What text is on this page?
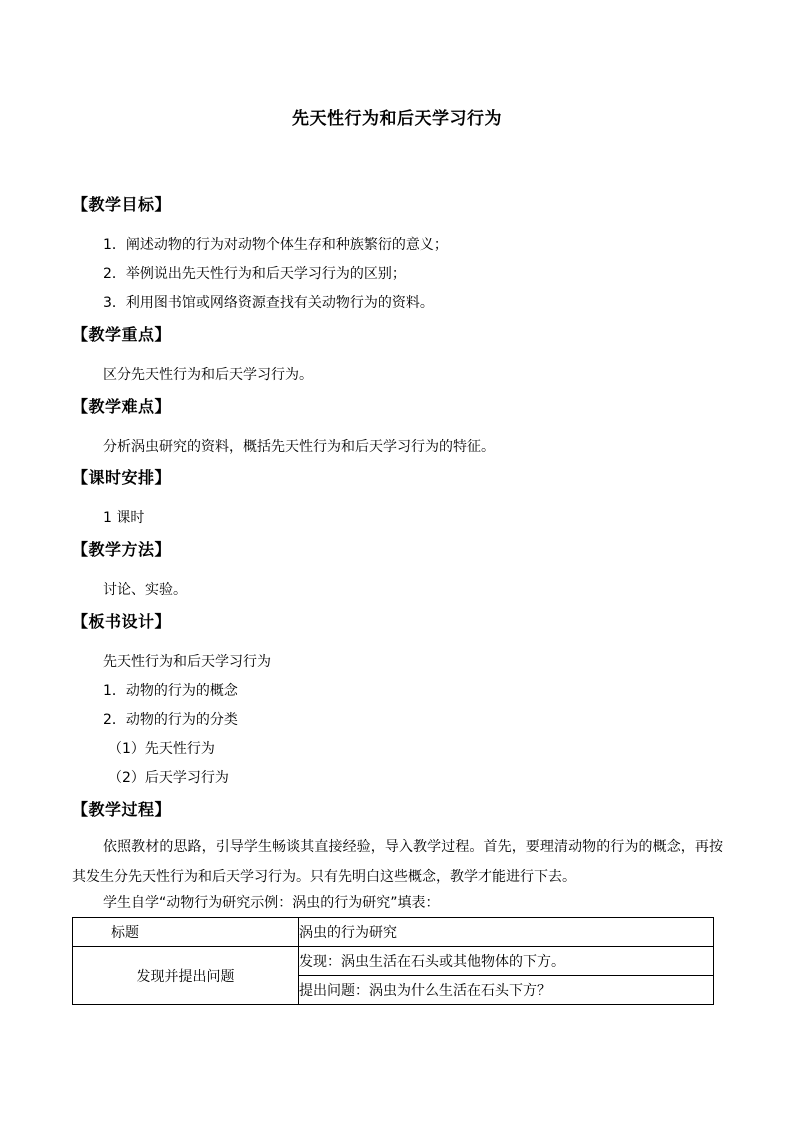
先天性行为和后天学习行为
【教学目标】
1．阐述动物的行为对动物个体生存和种族繁衍的意义；
2．举例说出先天性行为和后天学习行为的区别；
3．利用图书馆或网络资源查找有关动物行为的资料。
【教学重点】
区分先天性行为和后天学习行为。
【教学难点】
分析涡虫研究的资料，概括先天性行为和后天学习行为的特征。
【课时安排】
1 课时
【教学方法】
讨论、实验。
【板书设计】
先天性行为和后天学习行为
1．动物的行为的概念
2．动物的行为的分类
（1）先天性行为
（2）后天学习行为
【教学过程】
依照教材的思路，引导学生畅谈其直接经验，导入教学过程。首先，要理清动物的行为的概念，再按其发生分先天性行为和后天学习行为。只有先明白这些概念，教学才能进行下去。
学生自学“动物行为研究示例：涡虫的行为研究”填表：
标题	涡虫的行为研究
发现并提出问题	发现：涡虫生活在石头或其他物体的下方。
	提出问题：涡虫为什么生活在石头下方？
